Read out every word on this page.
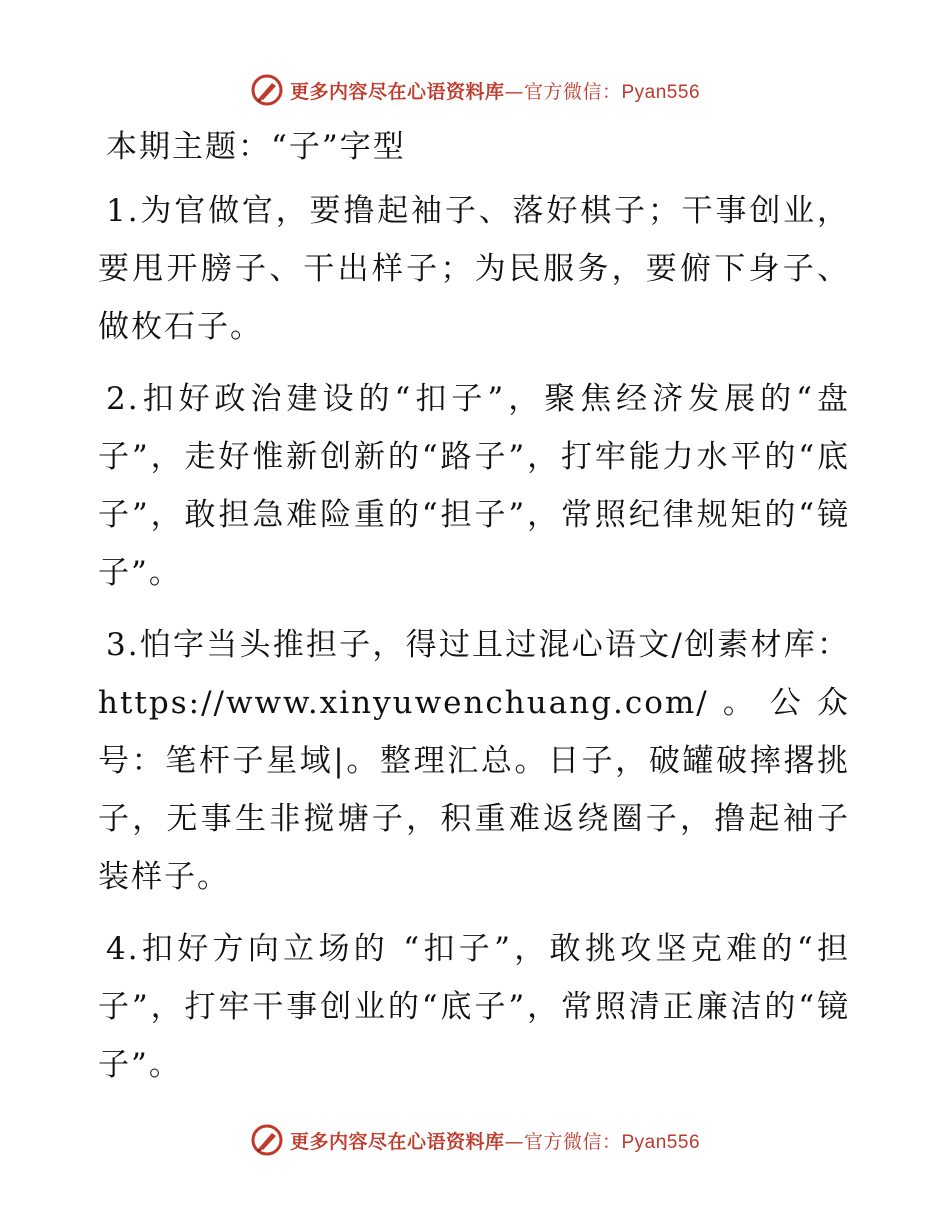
更多内容尽在心语资料库—官方微信：Pyan556
本期主题：“子”字型
1.为官做官，要撸起袖子、落好棋子；干事创业，要甩开膀子、干出样子；为民服务，要俯下身子、做枚石子。
2.扣好政治建设的“扣子”，聚焦经济发展的“盘子”，走好惟新创新的“路子”，打牢能力水平的“底子”，敢担急难险重的“担子”，常照纪律规矩的“镜子”。
3.怕字当头推担子，得过且过混心语文/创素材库：https://www.xinyuwenchuang.com/。公众号：笔杆子星域|。整理汇总。日子，破罐破摔撂挑子，无事生非搅塘子，积重难返绕圈子，撸起袖子装样子。
4.扣好方向立场的 “扣子”，敢挑攻坚克难的“担子”，打牢干事创业的“底子”，常照清正廉洁的“镜子”。
更多内容尽在心语资料库—官方微信：Pyan556
